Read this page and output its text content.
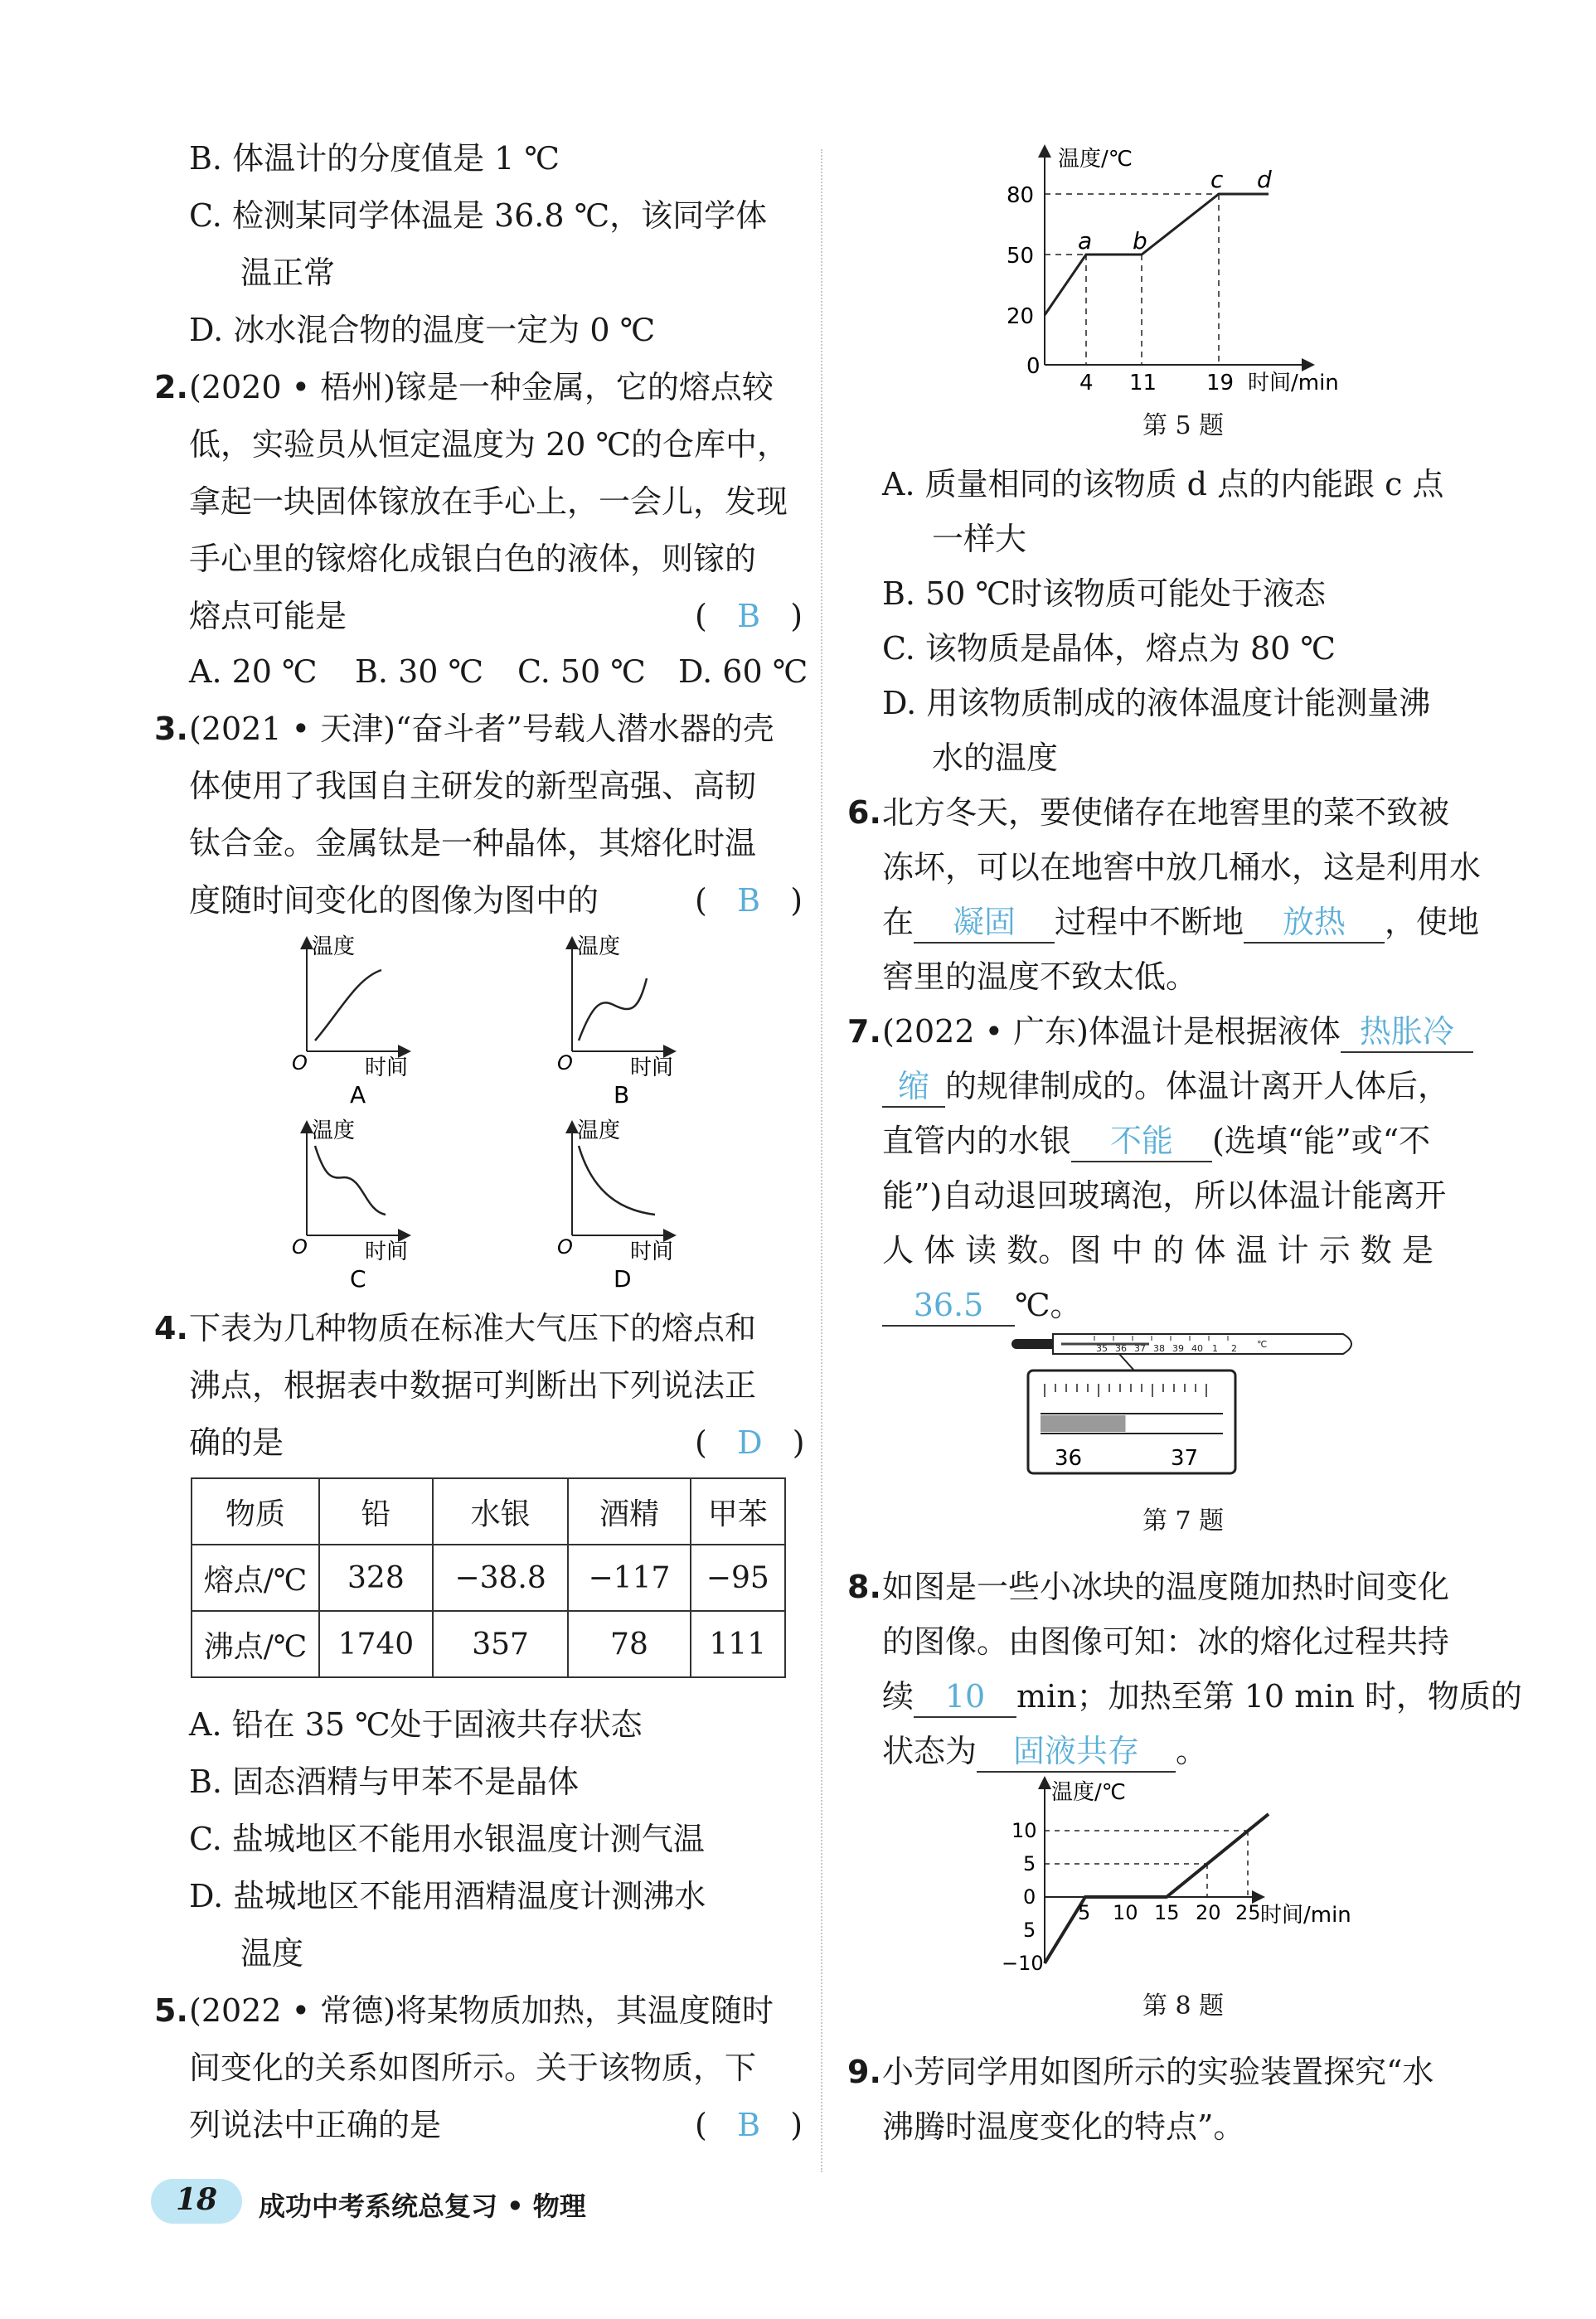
B. 体温计的分度值是 1 ℃
C. 检测某同学体温是 36.8 ℃，该同学体
温正常
D. 冰水混合物的温度一定为 0 ℃
2. (2020 • 梧州)镓是一种金属，它的熔点较
低，实验员从恒定温度为 20 ℃的仓库中，
拿起一块固体镓放在手心上，一会儿，发现
手心里的镓熔化成银白色的液体，则镓的
熔点可能是	(   B   )
A. 20 ℃ B. 30 ℃ C. 50 ℃ D. 60 ℃
3. (2021 • 天津)“奋斗者”号载人潜水器的壳
体使用了我国自主研发的新型高强、高韧
钛合金。金属钛是一种晶体，其熔化时温
度随时间变化的图像为图中的	(   B   )
温度
O	时间
A
温度
O	时间
B
温度
O	时间
C
温度
O	时间
D
4. 下表为几种物质在标准大气压下的熔点和
沸点，根据表中数据可判断出下列说法正
确的是	(   D   )
物质	铅	水银	酒精	甲苯
熔点/℃	328	−38.8	−117	−95
沸点/℃	1740	357	78	111
A. 铅在 35 ℃处于固液共存状态
B. 固态酒精与甲苯不是晶体
C. 盐城地区不能用水银温度计测气温
D. 盐城地区不能用酒精温度计测沸水
温度
5. (2022 • 常德)将某物质加热，其温度随时
间变化的关系如图所示。关于该物质，下
列说法中正确的是	(   B   )
温度/℃
80
50
20
0
4 11 19 时间/min
a b
c d
第 5 题
A. 质量相同的该物质 d 点的内能跟 c 点
一样大
B. 50 ℃时该物质可能处于液态
C. 该物质是晶体，熔点为 80 ℃
D. 用该物质制成的液体温度计能测量沸
水的温度
6. 北方冬天，要使储存在地窖里的菜不致被
冻坏，可以在地窖中放几桶水，这是利用水
在 凝固 过程中不断地 放热 ，使地
窖里的温度不致太低。
7. (2022 • 广东)体温计是根据液体 热胀冷
缩 的规律制成的。体温计离开人体后，
直管内的水银 不能 (选填“能”或“不
能”)自动退回玻璃泡，所以体温计能离开
人 体 读 数。图 中 的 体 温 计 示 数 是
36.5 ℃。
35 36 37 38 39 40 1 2 ℃
36	37
第 7 题
8. 如图是一些小冰块的温度随加热时间变化
的图像。由图像可知：冰的熔化过程共持
续 10 min；加热至第 10 min 时，物质的
状态为 固液共存 。
温度/℃
10
5
0
5
−10
5 10 15 20 25 时间/min
第 8 题
9. 小芳同学用如图所示的实验装置探究“水
沸腾时温度变化的特点”。
18 成功中考系统总复习 • 物理
